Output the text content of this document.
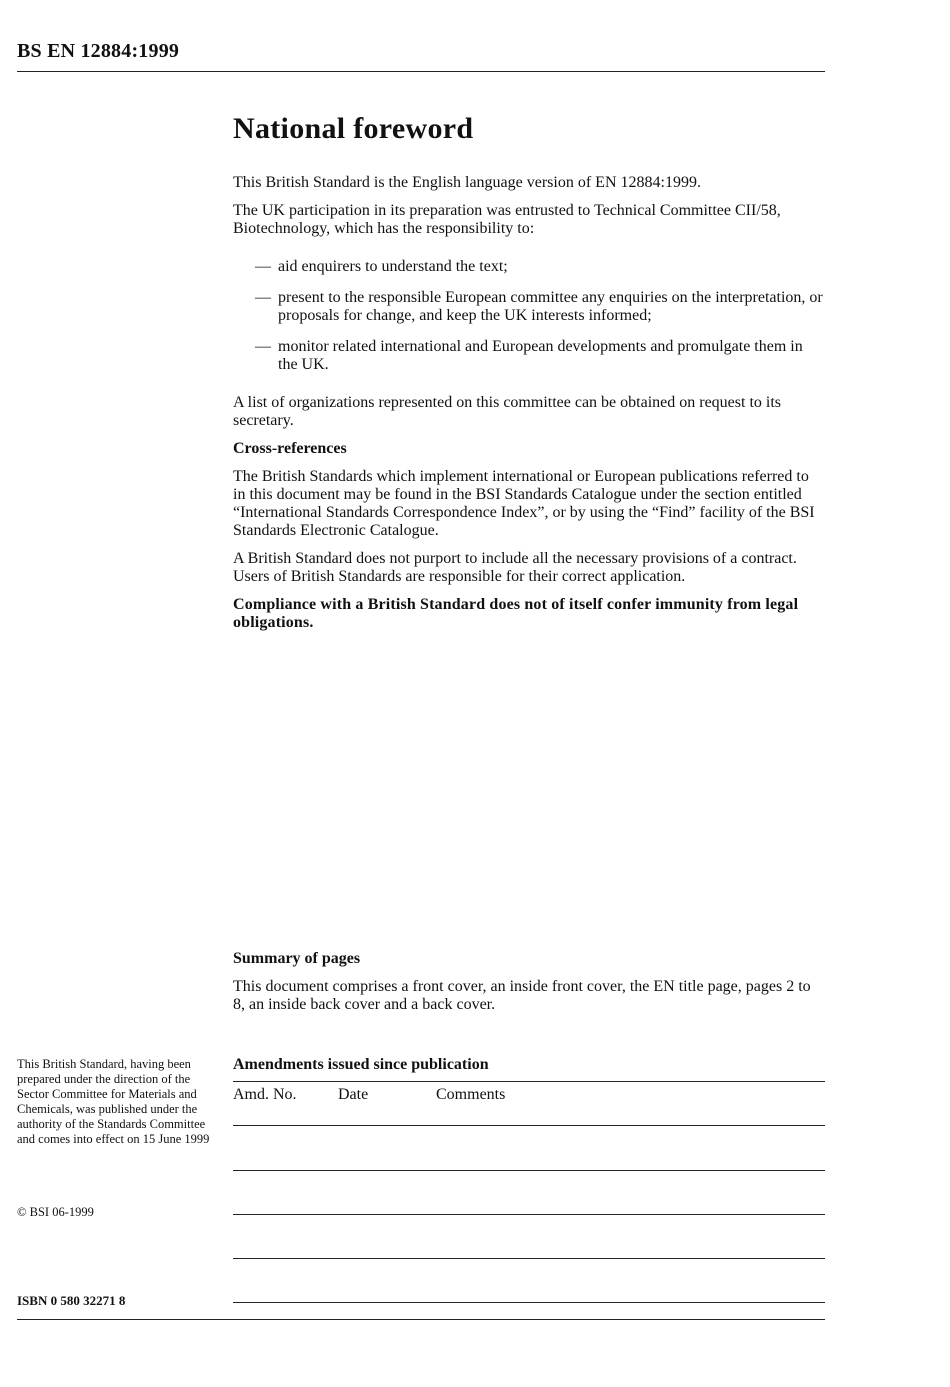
BS EN 12884:1999
National foreword

This British Standard is the English language version of EN 12884:1999.

The UK participation in its preparation was entrusted to Technical Committee CII/58, Biotechnology, which has the responsibility to:

— aid enquirers to understand the text;
— present to the responsible European committee any enquiries on the interpretation, or proposals for change, and keep the UK interests informed;
— monitor related international and European developments and promulgate them in the UK.

A list of organizations represented on this committee can be obtained on request to its secretary.

Cross-references

The British Standards which implement international or European publications referred to in this document may be found in the BSI Standards Catalogue under the section entitled “International Standards Correspondence Index”, or by using the “Find” facility of the BSI Standards Electronic Catalogue.

A British Standard does not purport to include all the necessary provisions of a contract. Users of British Standards are responsible for their correct application.

Compliance with a British Standard does not of itself confer immunity from legal obligations.

Summary of pages

This document comprises a front cover, an inside front cover, the EN title page, pages 2 to 8, an inside back cover and a back cover.

This British Standard, having been prepared under the direction of the Sector Committee for Materials and Chemicals, was published under the authority of the Standards Committee and comes into effect on 15 June 1999
© BSI 06-1999
ISBN 0 580 32271 8
Amendments issued since publication
Amd. No.	Date	Comments
